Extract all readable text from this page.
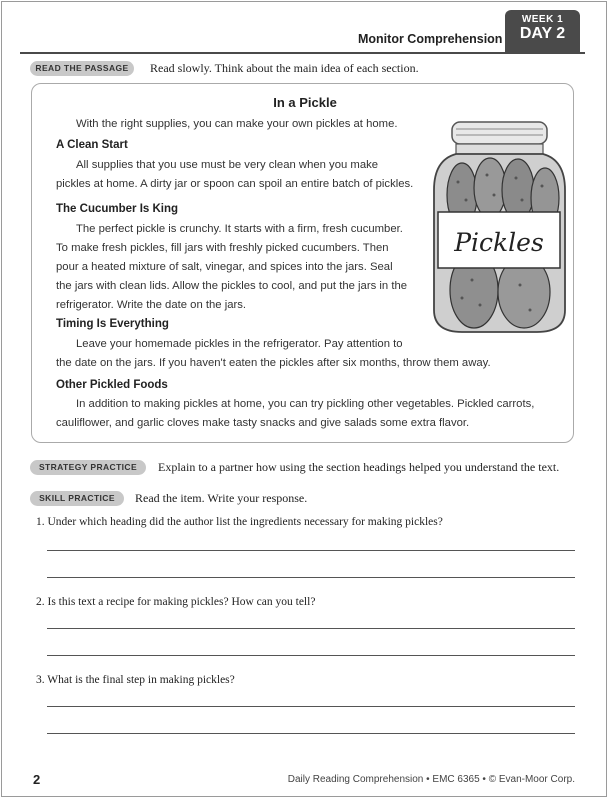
Monitor Comprehension
WEEK 1
DAY 2
READ THE PASSAGE	Read slowly. Think about the main idea of each section.
In a Pickle
With the right supplies, you can make your own pickles at home.
A Clean Start
All supplies that you use must be very clean when you make
pickles at home. A dirty jar or spoon can spoil an entire batch of pickles.
The Cucumber Is King
The perfect pickle is crunchy. It starts with a firm, fresh cucumber.
To make fresh pickles, fill jars with freshly picked cucumbers. Then
pour a heated mixture of salt, vinegar, and spices into the jars. Seal
the jars with clean lids. Allow the pickles to cool, and put the jars in the
refrigerator. Write the date on the jars.
Timing Is Everything
Leave your homemade pickles in the refrigerator. Pay attention to
the date on the jars. If you haven't eaten the pickles after six months, throw them away.
Other Pickled Foods
In addition to making pickles at home, you can try pickling other vegetables. Pickled carrots,
cauliflower, and garlic cloves make tasty snacks and give salads some extra flavor.
Pickles
STRATEGY PRACTICE	Explain to a partner how using the section headings helped you understand the text.
SKILL PRACTICE	Read the item. Write your response.
1. Under which heading did the author list the ingredients necessary for making pickles?
2. Is this text a recipe for making pickles? How can you tell?
3. What is the final step in making pickles?
2	Daily Reading Comprehension • EMC 6365 • © Evan-Moor Corp.
